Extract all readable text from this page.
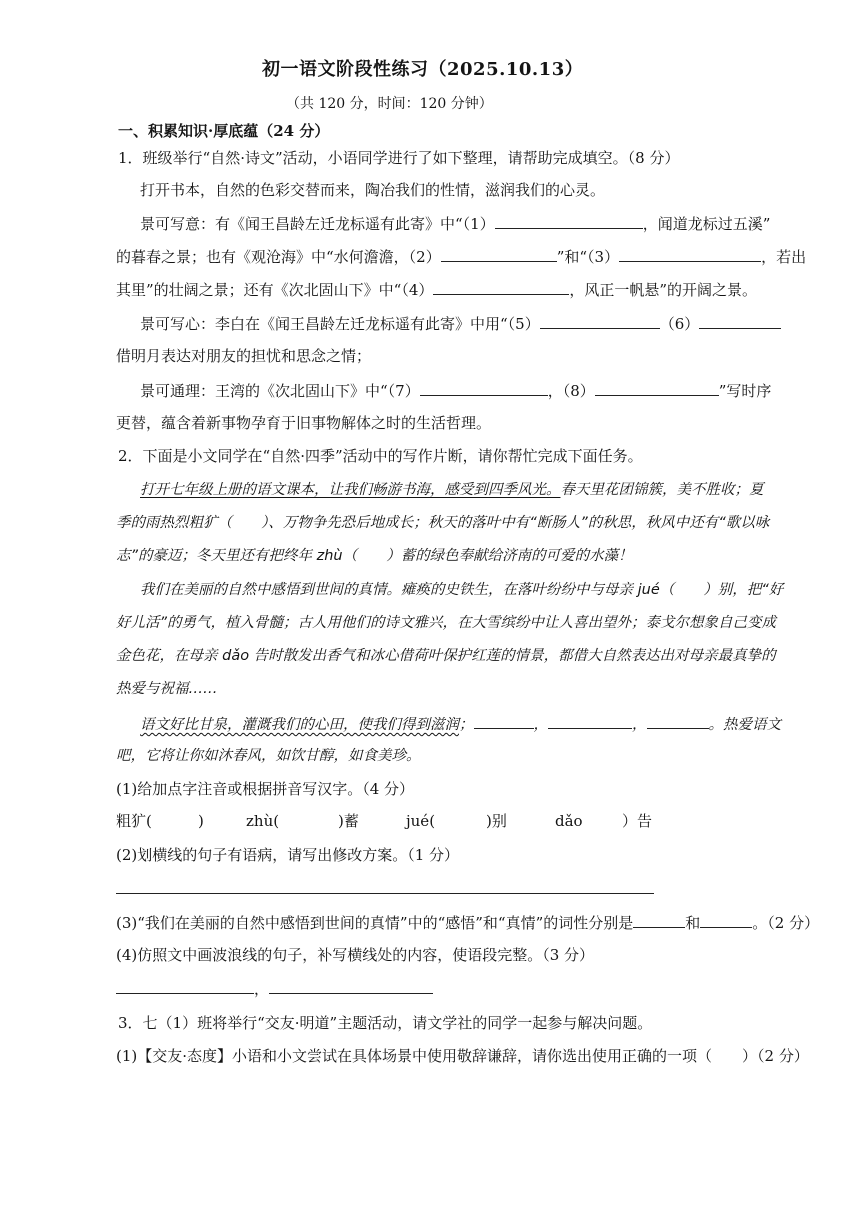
初一语文阶段性练习（2025.10.13）
（共 120 分，时间：120 分钟）
一、积累知识·厚底蕴（24 分）
1．班级举行“自然·诗文”活动，小语同学进行了如下整理，请帮助完成填空。（8 分）
打开书本，自然的色彩交替而来，陶冶我们的性情，滋润我们的心灵。
景可写意：有《闻王昌龄左迁龙标遥有此寄》中“（1）	，闻道龙标过五溪”
的暮春之景；也有《观沧海》中“水何澹澹，（2）	”和“（3）	，若出
其里”的壮阔之景；还有《次北固山下》中“（4）	，风正一帆悬”的开阔之景。
景可写心：李白在《闻王昌龄左迁龙标遥有此寄》中用“（5）	（6）
借明月表达对朋友的担忧和思念之情；
景可通理：王湾的《次北固山下》中“（7）	，（8）	”写时序
更替，蕴含着新事物孕育于旧事物解体之时的生活哲理。
2．下面是小文同学在“自然·四季”活动中的写作片断，请你帮忙完成下面任务。
打开七年级上册的语文课本，让我们畅游书海，感受到四季风光。春天里花团锦簇，美不胜收；夏
季的雨热烈粗犷（　　）、万物争先恐后地成长；秋天的落叶中有“断肠人”的秋思，秋风中还有“歌以咏
志”的豪迈；冬天里还有把终年 zhù（　　）蓄的绿色奉献给济南的可爱的水藻！
我们在美丽的自然中感悟到世间的真情。瘫痪的史铁生，在落叶纷纷中与母亲 jué（　　）别，把“好
好儿活”的勇气，植入骨髓；古人用他们的诗文雅兴，在大雪缤纷中让人喜出望外；泰戈尔想象自己变成
金色花，在母亲 dǎo 告时散发出香气和冰心借荷叶保护红莲的情景，都借大自然表达出对母亲最真挚的
热爱与祝福……
语文好比甘泉，灌溉我们的心田，使我们得到滋润；	，	，	。热爱语文
吧，它将让你如沐春风，如饮甘醇，如食美珍。
(1)给加点字注音或根据拼音写汉字。（4 分）
粗犷(	)	zhù(	)蓄	jué(	)别	dǎo	）告
(2)划横线的句子有语病，请写出修改方案。（1 分）
(3)“我们在美丽的自然中感悟到世间的真情”中的“感悟”和“真情”的词性分别是	和	。（2 分）
(4)仿照文中画波浪线的句子，补写横线处的内容，使语段完整。（3 分）
，
3．七（1）班将举行“交友·明道”主题活动，请文学社的同学一起参与解决问题。
(1)【交友·态度】小语和小文尝试在具体场景中使用敬辞谦辞，请你选出使用正确的一项（　　）（2 分）
